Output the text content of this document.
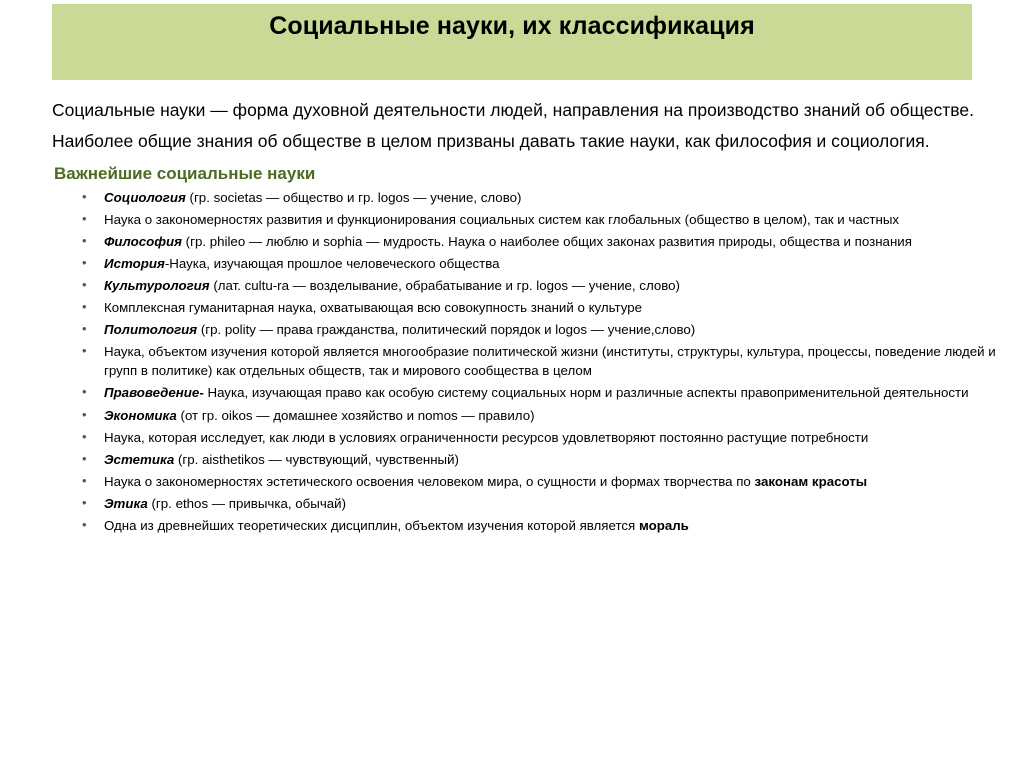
Социальные науки, их классификация

Социальные науки — форма духовной деятельности людей, направления на производство знаний об обществе.

Наиболее общие знания об обществе в целом призваны давать такие науки, как философия и социология.

Важнейшие социальные науки
• Социология (гр. societas — общество и гр. logos — учение, слово)
• Наука о закономерностях развития и функционирования социальных систем как глобальных (общество в целом), так и частных
• Философия (гр. phileo — люблю и sophia — мудрость. Наука о наиболее общих законах развития природы, общества и познания
• История-Наука, изучающая прошлое человеческого общества
• Культурология (лат. cultu-ra — возделывание, обрабатывание и гр. logos — учение, слово)
• Комплексная гуманитарная наука, охватывающая всю совокупность знаний о культуре
• Политология (гр. polity — права гражданства, политический порядок и logos — учение,слово)
• Наука, объектом изучения которой является многообразие политической жизни (институты, структуры, культура, процессы, поведение людей и групп в политике) как отдельных обществ, так и мирового сообщества в целом
• Правоведение- Наука, изучающая право как особую систему социальных норм и различные аспекты правоприменительной деятельности
• Экономика (от гр. oikos — домашнее хозяйство и nomos — правило)
• Наука, которая исследует, как люди в условиях ограниченности ресурсов удовлетворяют постоянно растущие потребности
• Эстетика (гр. aisthetikos — чувствующий, чувственный)
• Наука о закономерностях эстетического освоения человеком мира, о сущности и формах творчества по законам красоты
• Этика (гр. ethos — привычка, обычай)
• Одна из древнейших теоретических дисциплин, объектом изучения которой является мораль
